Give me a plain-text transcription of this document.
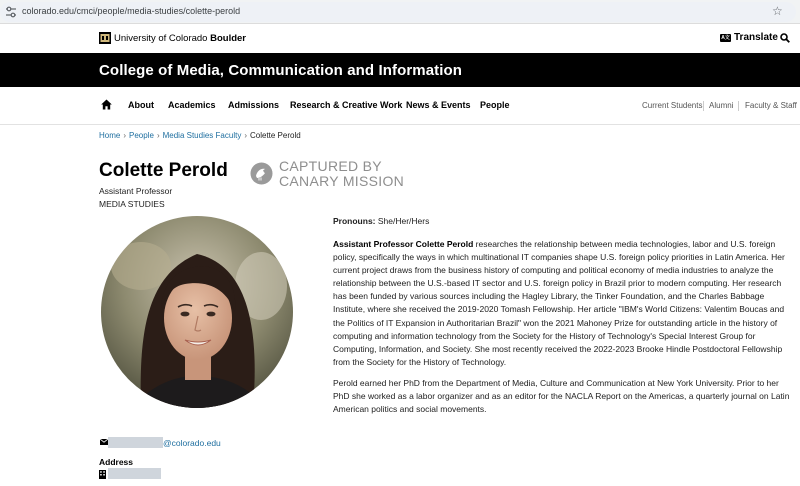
colorado.edu/cmci/people/media-studies/colette-perold	☆
University of Colorado Boulder	A文 Translate
College of Media, Communication and Information
About Academics Admissions Research & Creative Work News & Events People	Current Students Alumni Faculty & Staff
Home › People › Media Studies Faculty › Colette Perold
Colette Perold
Assistant Professor
MEDIA STUDIES
CAPTURED BY
CANARY MISSION
@colorado.edu
Address
Pronouns: She/Her/Hers

Assistant Professor Colette Perold researches the relationship between media technologies, labor and U.S. foreign policy, specifically the ways in which multinational IT companies shape U.S. foreign policy priorities in Latin America. Her current project draws from the business history of computing and political economy of media industries to analyze the relationship between the U.S.-based IT sector and U.S. foreign policy in Brazil prior to modern computing. Her research has been funded by various sources including the Hagley Library, the Tinker Foundation, and the Charles Babbage Institute, where she received the 2019-2020 Tomash Fellowship. Her article "IBM's World Citizens: Valentim Boucas and the Politics of IT Expansion in Authoritarian Brazil" won the 2021 Mahoney Prize for outstanding article in the history of computing and information technology from the Society for the History of Technology's Special Interest Group for Computing, Information, and Society. She most recently received the 2022-2023 Brooke Hindle Postdoctoral Fellowship from the Society for the History of Technology.

Perold earned her PhD from the Department of Media, Culture and Communication at New York University. Prior to her PhD she worked as a labor organizer and as an editor for the NACLA Report on the Americas, a quarterly journal on Latin American politics and social movements.
